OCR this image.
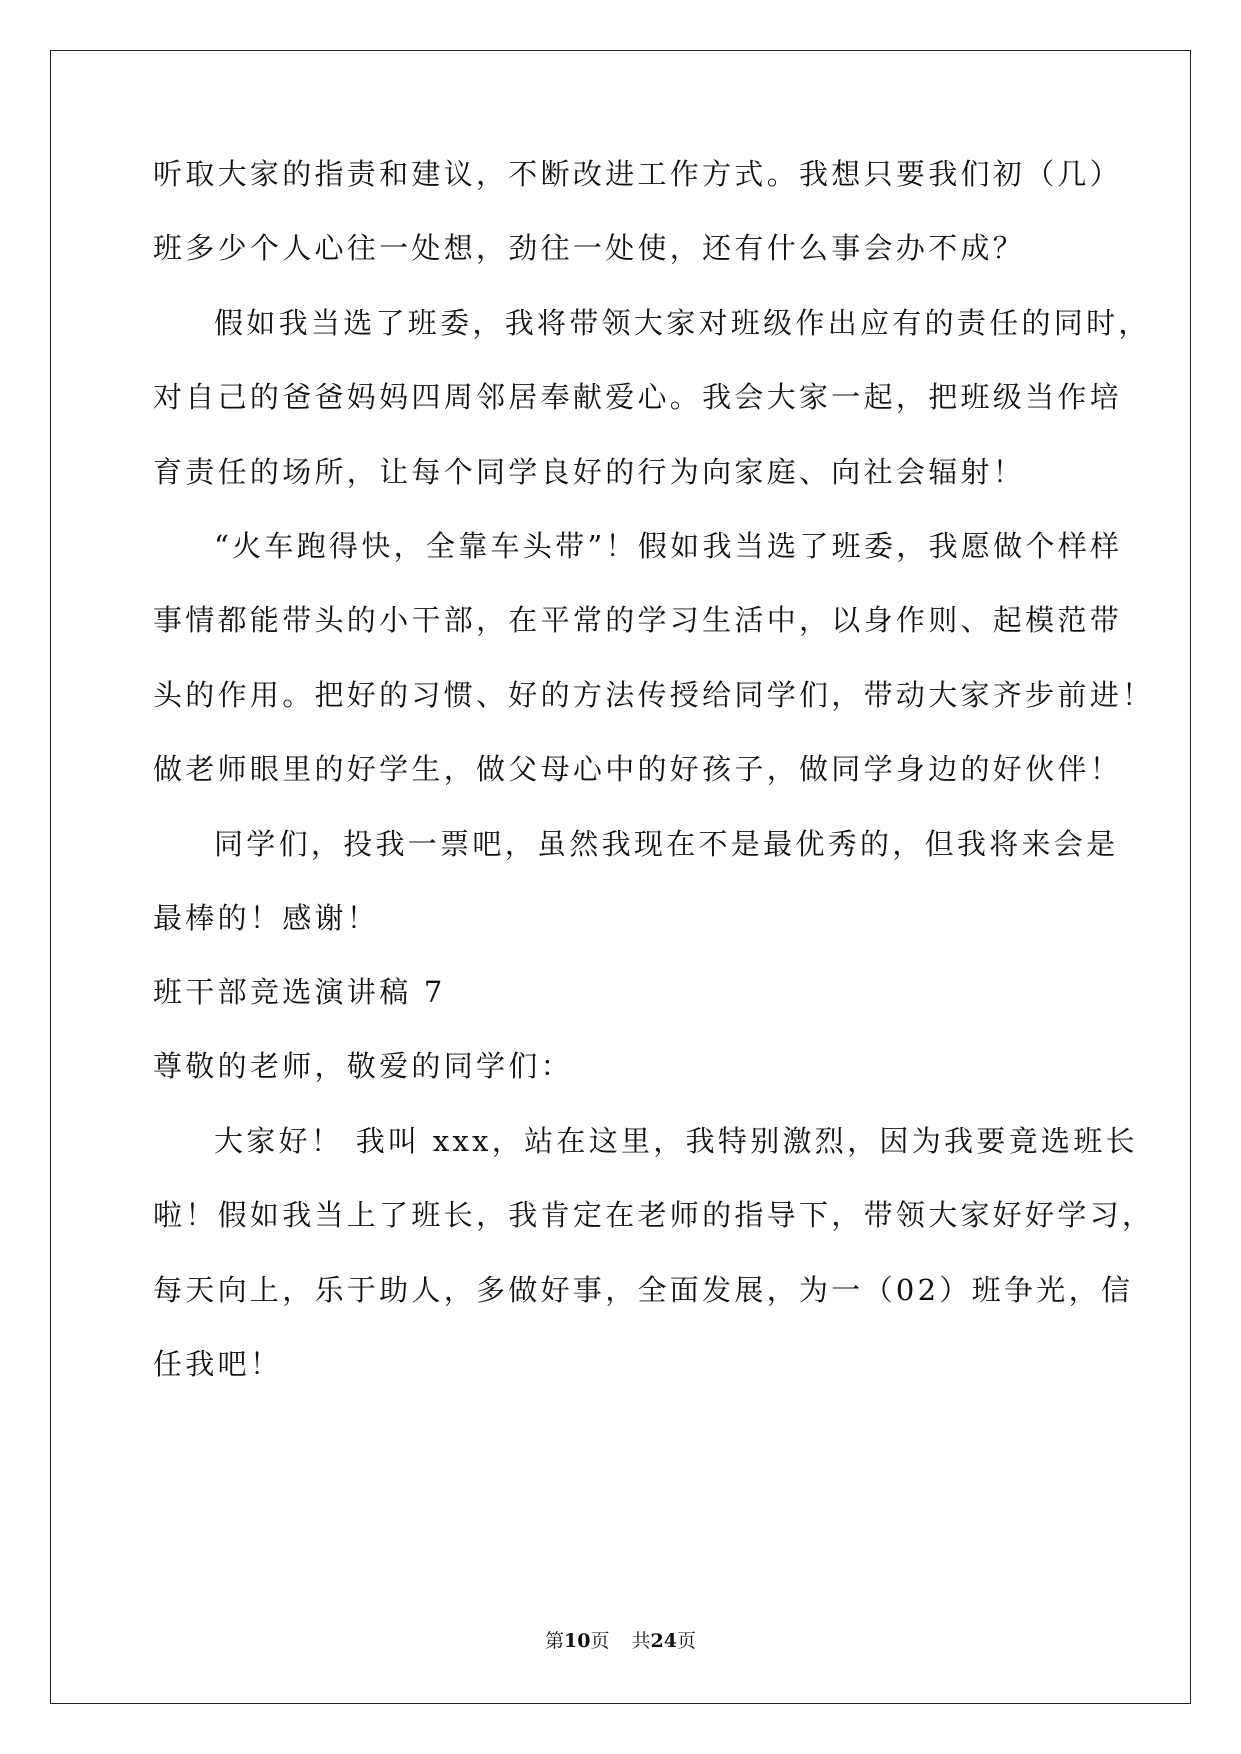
听取大家的指责和建议，不断改进工作方式。我想只要我们初（几）
班多少个人心往一处想，劲往一处使，还有什么事会办不成？
假如我当选了班委，我将带领大家对班级作出应有的责任的同时，
对自己的爸爸妈妈四周邻居奉献爱心。我会大家一起，把班级当作培
育责任的场所，让每个同学良好的行为向家庭、向社会辐射！
“火车跑得快，全靠车头带”！假如我当选了班委，我愿做个样样
事情都能带头的小干部，在平常的学习生活中，以身作则、起模范带
头的作用。把好的习惯、好的方法传授给同学们，带动大家齐步前进！
做老师眼里的好学生，做父母心中的好孩子，做同学身边的好伙伴！
同学们，投我一票吧，虽然我现在不是最优秀的，但我将来会是
最棒的！感谢！
班干部竞选演讲稿 7
尊敬的老师，敬爱的同学们：
大家好！ 我叫 xxx，站在这里，我特别激烈，因为我要竟选班长
啦！假如我当上了班长，我肯定在老师的指导下，带领大家好好学习，
每天向上，乐于助人，多做好事，全面发展，为一（02）班争光，信
任我吧！
第10页 共24页
